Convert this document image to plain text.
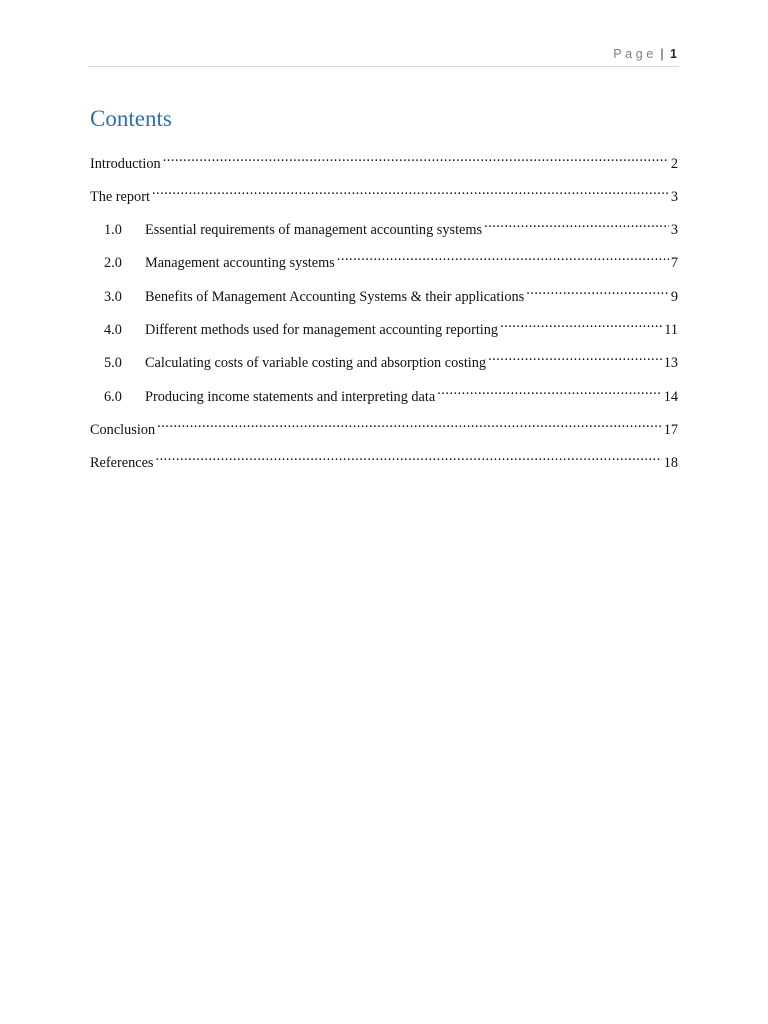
Page | 1
Contents
Introduction .....	2
The report .....	3
1.0	Essential requirements of management accounting systems .....	3
2.0	Management accounting systems .....	7
3.0	Benefits of Management Accounting Systems & their applications .....	9
4.0	Different methods used for management accounting reporting .....	11
5.0	Calculating costs of variable costing and absorption costing .....	13
6.0	Producing income statements and interpreting data .....	14
Conclusion .....	17
References .....	18
